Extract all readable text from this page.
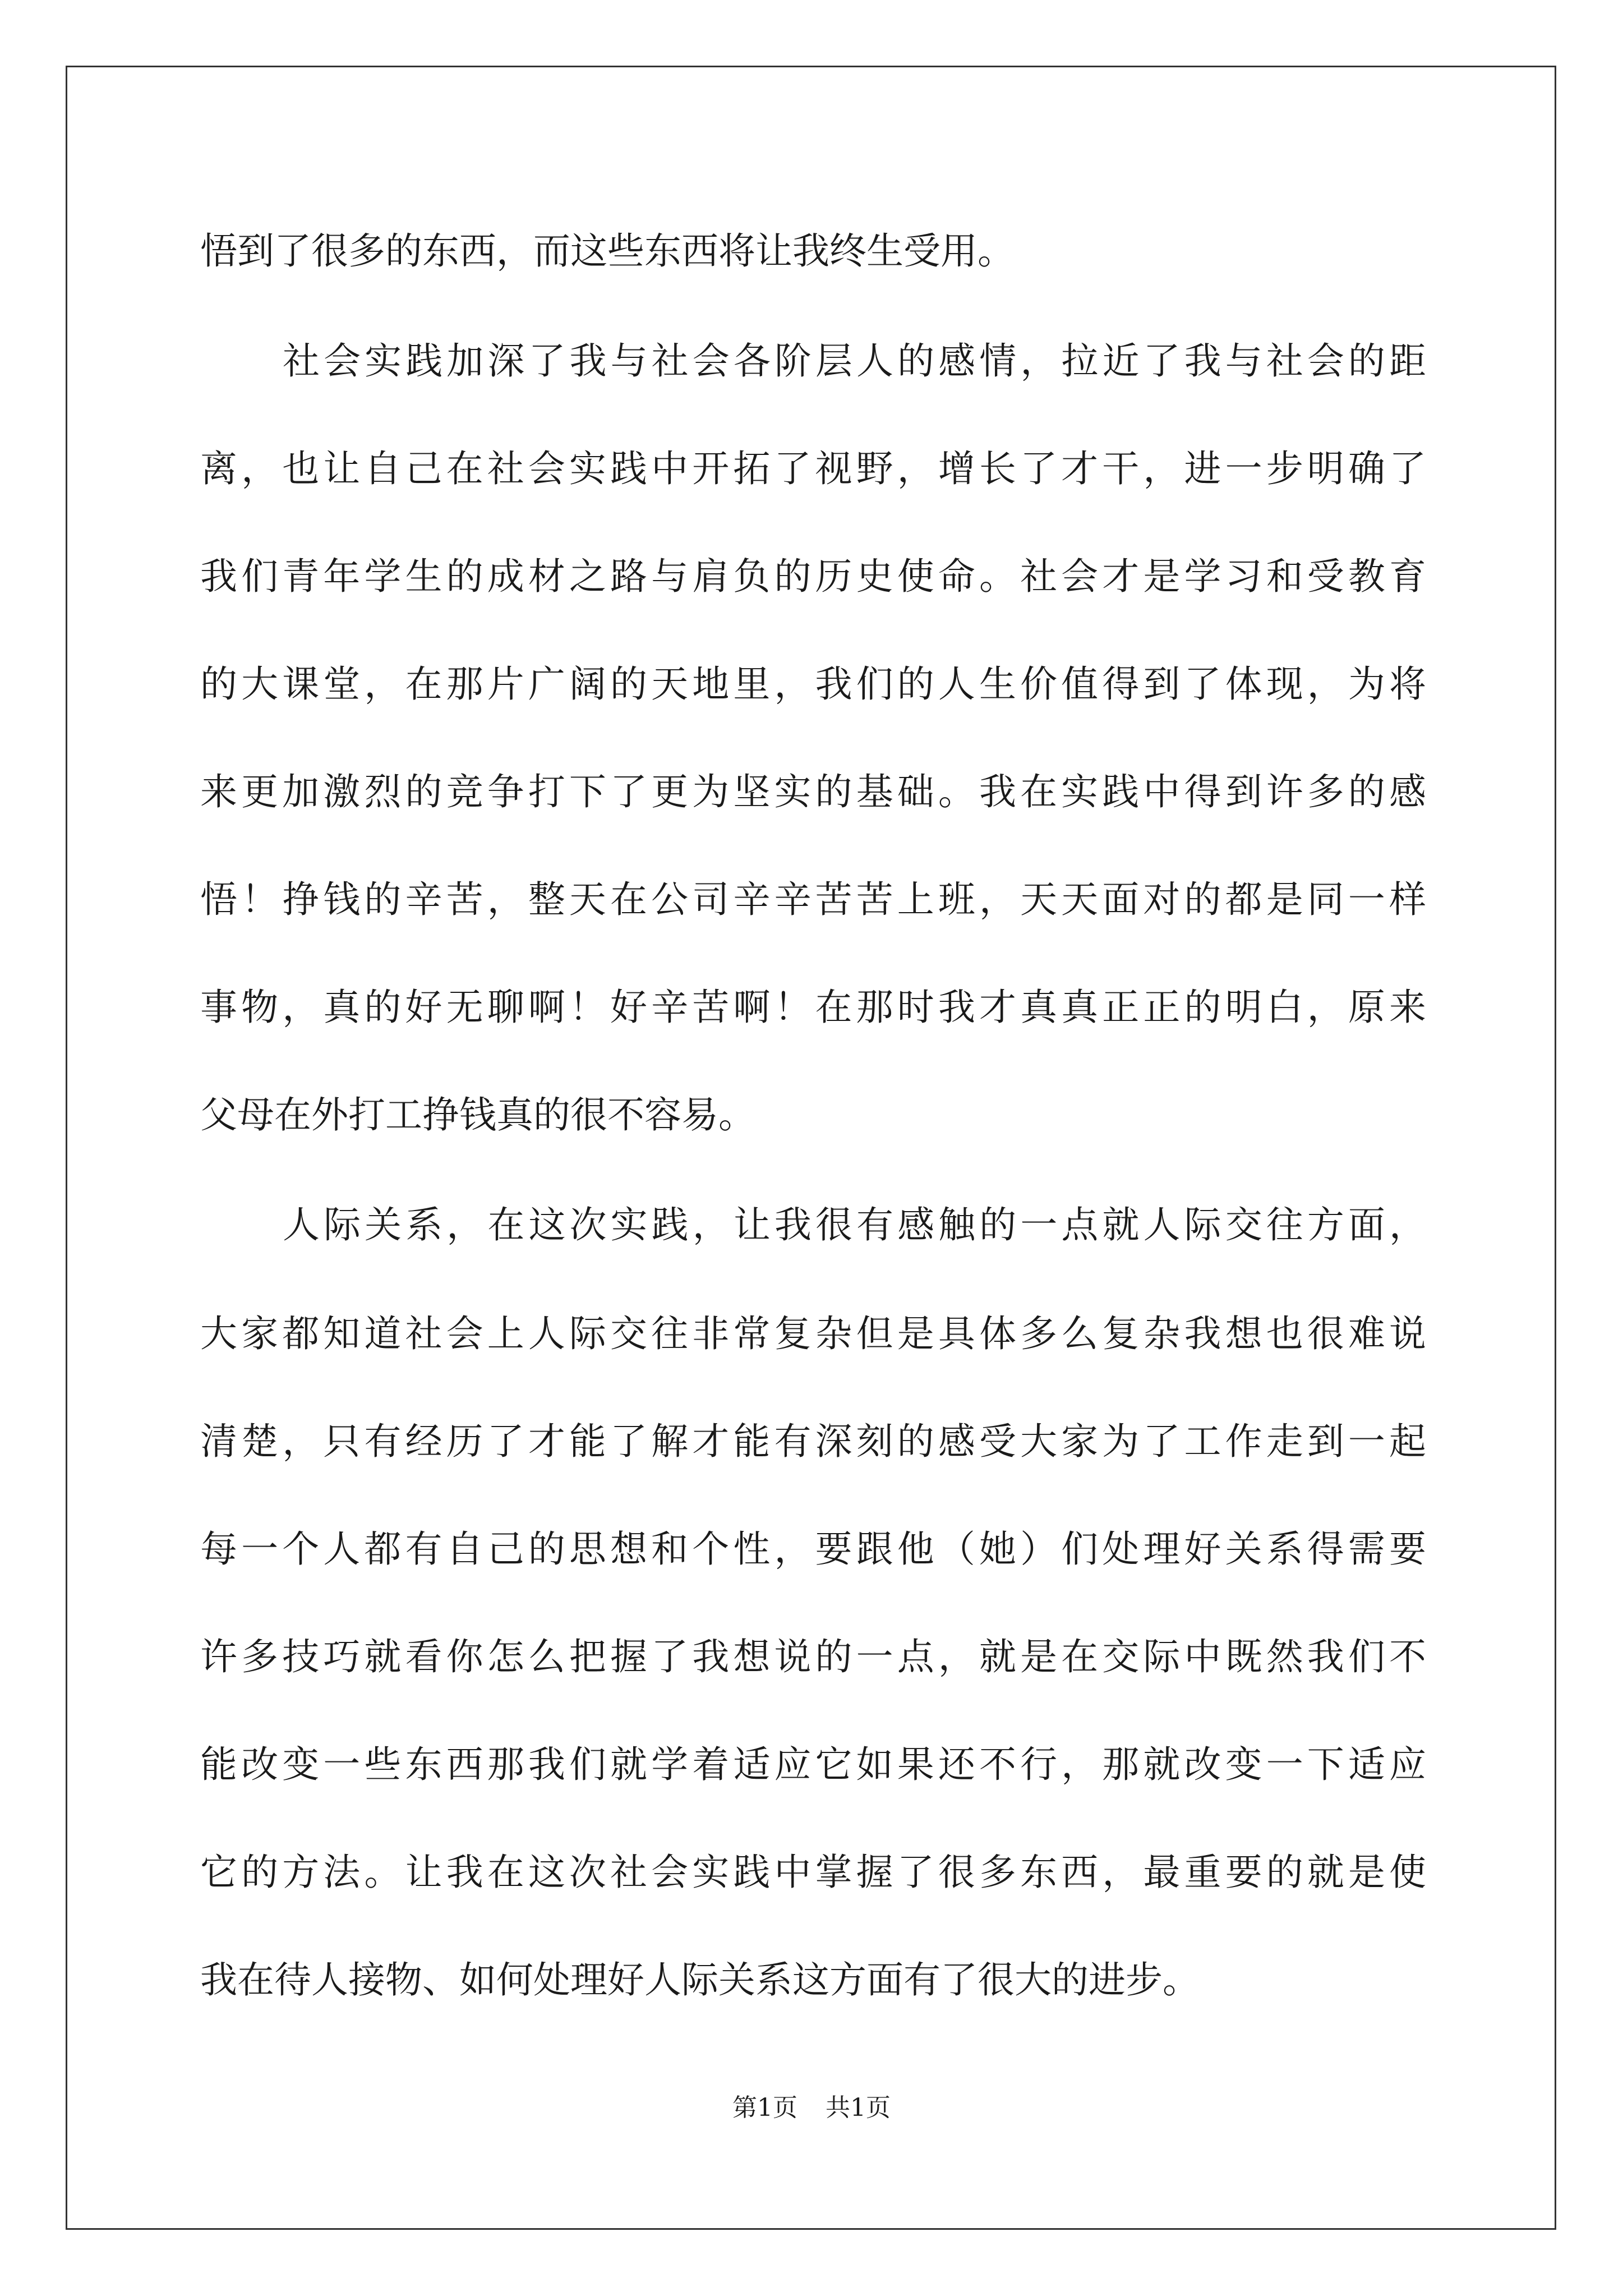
悟到了很多的东西，而这些东西将让我终生受用。
社会实践加深了我与社会各阶层人的感情，拉近了我与社会的距
离，也让自己在社会实践中开拓了视野，增长了才干，进一步明确了
我们青年学生的成材之路与肩负的历史使命。社会才是学习和受教育
的大课堂，在那片广阔的天地里，我们的人生价值得到了体现，为将
来更加激烈的竞争打下了更为坚实的基础。我在实践中得到许多的感
悟！挣钱的辛苦，整天在公司辛辛苦苦上班，天天面对的都是同一样
事物，真的好无聊啊！好辛苦啊！在那时我才真真正正的明白，原来
父母在外打工挣钱真的很不容易。
人际关系，在这次实践，让我很有感触的一点就人际交往方面，
大家都知道社会上人际交往非常复杂但是具体多么复杂我想也很难说
清楚，只有经历了才能了解才能有深刻的感受大家为了工作走到一起
每一个人都有自己的思想和个性，要跟他（她）们处理好关系得需要
许多技巧就看你怎么把握了我想说的一点，就是在交际中既然我们不
能改变一些东西那我们就学着适应它如果还不行，那就改变一下适应
它的方法。让我在这次社会实践中掌握了很多东西，最重要的就是使
我在待人接物、如何处理好人际关系这方面有了很大的进步。
第1页 共1页
